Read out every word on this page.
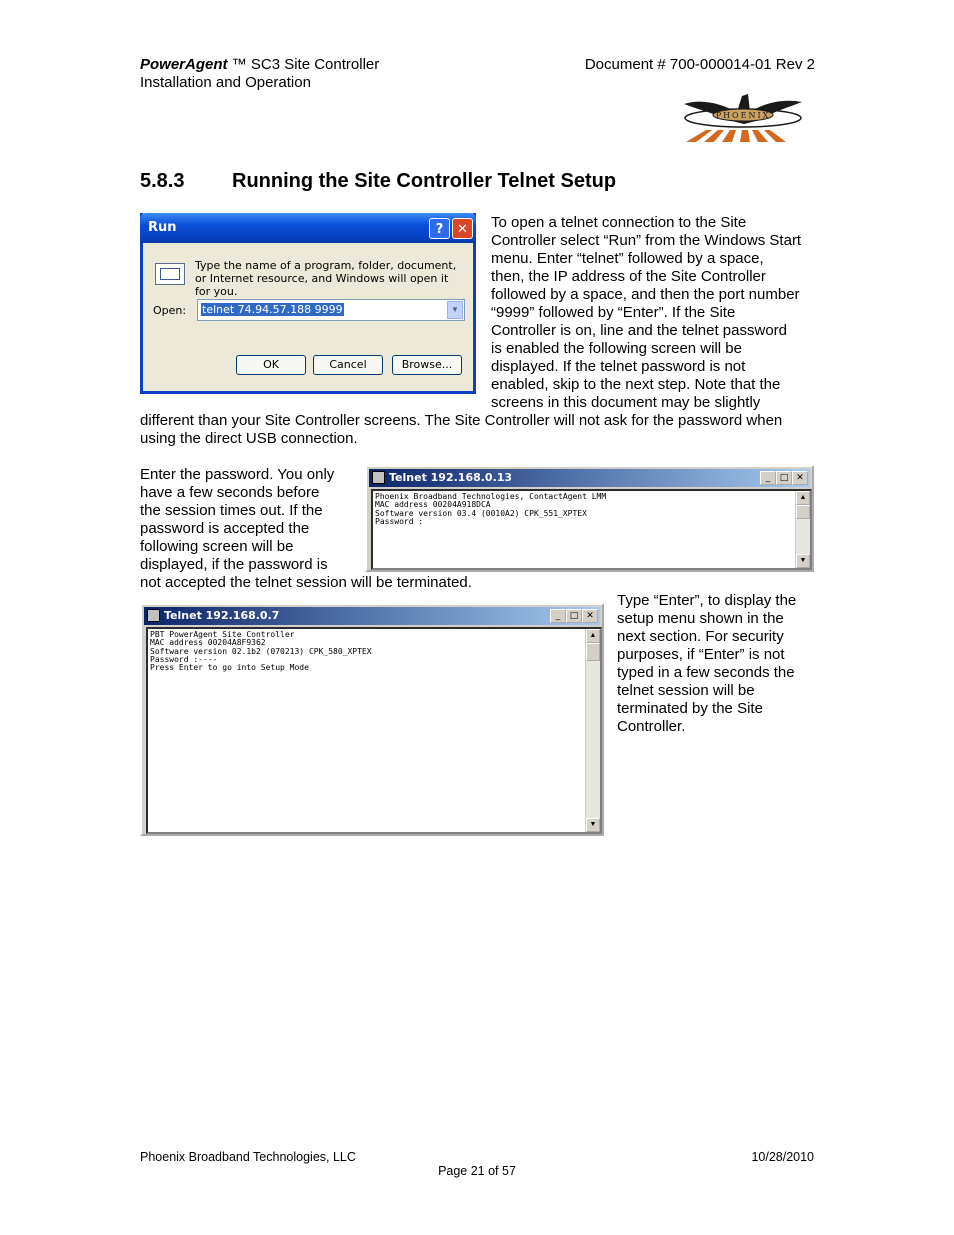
PowerAgent ™ SC3 Site Controller
Installation and Operation
Document # 700-000014-01 Rev 2
PHOENIX
5.8.3 Running the Site Controller Telnet Setup
Run	?	✕
Type the name of a program, folder, document, or Internet resource, and Windows will open it for you.
Open: telnet 74.94.57.188 9999	▼
OK	Cancel	Browse...
To open a telnet connection to the Site
Controller select “Run” from the Windows Start
menu. Enter “telnet” followed by a space,
then, the IP address of the Site Controller
followed by a space, and then the port number
“9999” followed by “Enter”. If the Site
Controller is on, line and the telnet password
is enabled the following screen will be
displayed. If the telnet password is not
enabled, skip to the next step. Note that the
screens in this document may be slightly
different than your Site Controller screens. The Site Controller will not ask for the password when
using the direct USB connection.
Enter the password. You only
have a few seconds before
the session times out. If the
password is accepted the
following screen will be
displayed, if the password is
not accepted the telnet session will be terminated.
Telnet 192.168.0.13	_	□ ✕
Phoenix Broadband Technologies, ContactAgent LMM
MAC address 00204A918DCA
Software version 03.4 (0010A2) CPK_551_XPTEX
Password :
▲
▼
Telnet 192.168.0.7	_	□ ✕
PBT PowerAgent Site Controller
MAC address 00204A8F9362
Software version 02.1b2 (070213) CPK_580_XPTEX
Password :----
Press Enter to go into Setup Mode
▲
▼
Type “Enter”, to display the
setup menu shown in the
next section. For security
purposes, if “Enter” is not
typed in a few seconds the
telnet session will be
terminated by the Site
Controller.
Phoenix Broadband Technologies, LLC	10/28/2010
Page 21 of 57
